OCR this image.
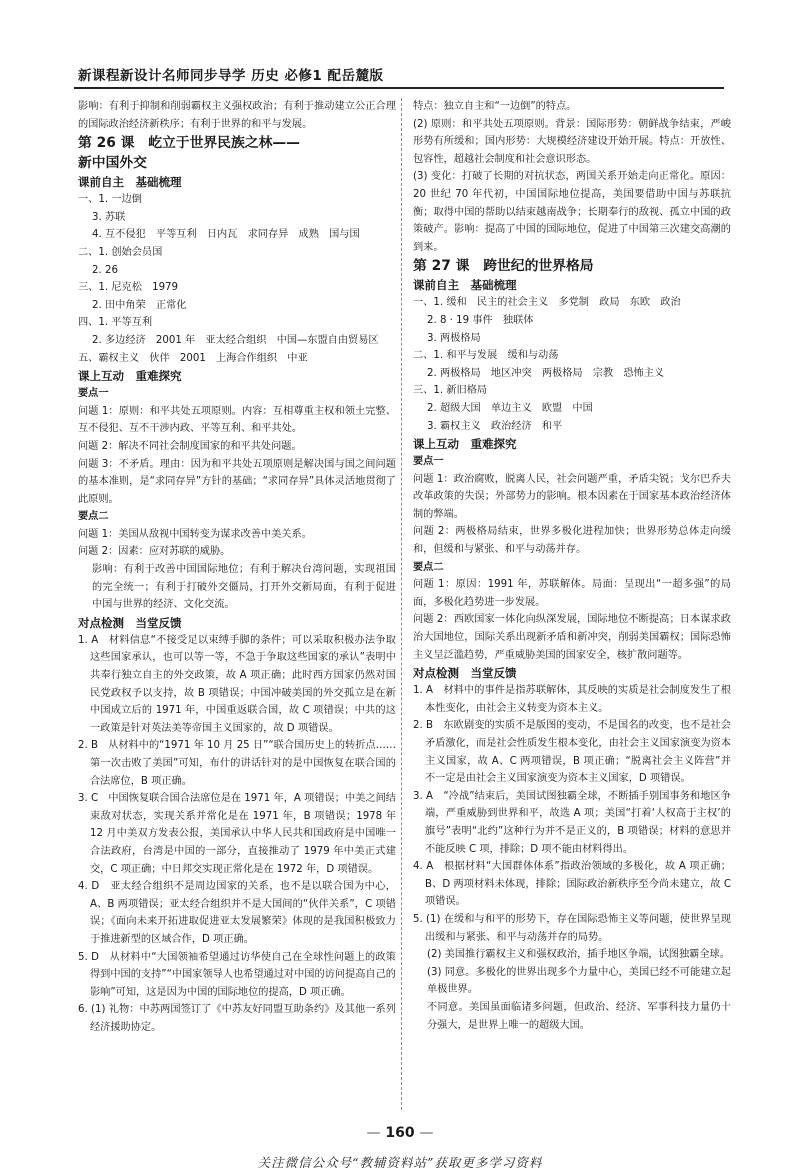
新课程新设计名师同步导学 历史 必修1 配岳麓版

影响：有利于抑制和削弱霸权主义强权政治；有利于推动建立公正合理的国际政治经济新秩序；有利于世界的和平与发展。

第 26 课　屹立于世界民族之林——

新中国外交

课前自主　基础梳理

一、1. 一边倒

3. 苏联

4. 互不侵犯　平等互利　日内瓦　求同存异　成熟　国与国

二、1. 创始会员国

2. 26

三、1. 尼克松　1979

2. 田中角荣　正常化

四、1. 平等互利

2. 多边经济　2001 年　亚太经合组织　中国—东盟自由贸易区

五、霸权主义　伙伴　2001　上海合作组织　中亚

课上互动　重难探究

要点一

问题 1：原则：和平共处五项原则。内容：互相尊重主权和领土完整、互不侵犯、互不干涉内政、平等互利、和平共处。

问题 2：解决不同社会制度国家的和平共处问题。

问题 3：不矛盾。理由：因为和平共处五项原则是解决国与国之间问题的基本准则，是“求同存异”方针的基础；“求同存异”具体灵活地贯彻了此原则。

要点二

问题 1：美国从敌视中国转变为谋求改善中美关系。

问题 2：因素：应对苏联的威胁。

影响：有利于改善中国国际地位；有利于解决台湾问题，实现祖国的完全统一；有利于打破外交僵局，打开外交新局面，有利于促进中国与世界的经济、文化交流。

对点检测　当堂反馈

1. A　材料信息“不接受足以束缚手脚的条件；可以采取积极办法争取这些国家承认，也可以等一等，不急于争取这些国家的承认”表明中共奉行独立自主的外交政策，故 A 项正确；此时西方国家仍然对国民党政权予以支持，故 B 项错误；中国冲破美国的外交孤立是在新中国成立后的 1971 年，中国重返联合国，故 C 项错误；中共的这一政策是针对英法美等帝国主义国家的，故 D 项错误。

2. B　从材料中的“1971 年 10 月 25 日”“联合国历史上的转折点……第一次击败了美国”可知，布什的讲话针对的是中国恢复在联合国的合法席位，B 项正确。

3. C　中国恢复联合国合法席位是在 1971 年，A 项错误；中美之间结束敌对状态，实现关系并常化是在 1971 年，B 项错误；1978 年 12 月中美双方发表公报，美国承认中华人民共和国政府是中国唯一合法政府，台湾是中国的一部分，直接推动了 1979 年中美正式建交，C 项正确；中日邦交实现正常化是在 1972 年，D 项错误。

4. D　亚太经合组织不是周边国家的关系，也不是以联合国为中心，A、B 两项错误；亚太经合组织并不是大国间的“伙伴关系”，C 项错误；《面向未来开拓进取促进亚太发展繁荣》体现的是我国积极致力于推进新型的区域合作，D 项正确。

5. D　从材料中“大国领袖希望通过访华使自己在全球性问题上的政策得到中国的支持”“中国家领导人也希望通过对中国的访问提高自己的影响”可知，这是因为中国的国际地位的提高，D 项正确。

6. (1) 礼物：中苏两国签订了《中苏友好同盟互助条约》及其他一系列经济援助协定。

特点：独立自主和“一边倒”的特点。

(2) 原则：和平共处五项原则。背景：国际形势：朝鲜战争结束，严峻形势有所缓和；国内形势：大规模经济建设开始开展。特点：开放性、包容性，超越社会制度和社会意识形态。

(3) 变化：打破了长期的对抗状态，两国关系开始走向正常化。原因：20 世纪 70 年代初，中国国际地位提高，美国要借助中国与苏联抗衡；取得中国的帮助以结束越南战争；长期奉行的敌视、孤立中国的政策破产。影响：提高了中国的国际地位，促进了中国第三次建交高潮的到来。

第 27 课　跨世纪的世界格局

课前自主　基础梳理

一、1. 缓和　民主的社会主义　多党制　政局　东欧　政治

2. 8 · 19 事件　独联体

3. 两极格局

二、1. 和平与发展　缓和与动荡

2. 两极格局　地区冲突　两极格局　宗教　恐怖主义

三、1. 新旧格局

2. 超级大国　单边主义　欧盟　中国

3. 霸权主义　政治经济　和平

课上互动　重难探究

要点一

问题 1：政治腐败，脱离人民，社会问题严重，矛盾尖锐；戈尔巴乔夫改革政策的失误；外部势力的影响。根本因素在于国家基本政治经济体制的弊端。

问题 2：两极格局结束，世界多极化进程加快；世界形势总体走向缓和，但缓和与紧张、和平与动荡并存。

要点二

问题 1：原因：1991 年，苏联解体。局面：呈现出“一超多强”的局面，多极化趋势进一步发展。

问题 2：西欧国家一体化向纵深发展，国际地位不断提高；日本谋求政治大国地位，国际关系出现新矛盾和新冲突，削弱美国霸权；国际恐怖主义呈泛滥趋势，严重威胁美国的国家安全，核扩散问题等。

对点检测　当堂反馈

1. A　材料中的事件是指苏联解体，其反映的实质是社会制度发生了根本性变化，由社会主义转变为资本主义。

2. B　东欧剧变的实质不是版图的变动，不是国名的改变，也不是社会矛盾激化，而是社会性质发生根本变化，由社会主义国家演变为资本主义国家，故 A、C 两项错误，B 项正确；“脱离社会主义阵营”并不一定是由社会主义国家演变为资本主义国家，D 项错误。

3. A　“冷战”结束后，美国试图独霸全球，不断插手别国事务和地区争端，严重威胁到世界和平，故选 A 项；美国“打着‘人权高于主权’的旗号”表明“北约”这种行为并不是正义的，B 项错误；材料的意思并不能反映 C 项，排除；D 项不能由材料得出。

4. A　根据材料“大国群体体系”指政治领域的多极化，故 A 项正确；B、D 两项材料未体现，排除；国际政治新秩序至今尚未建立，故 C 项错误。

5. (1) 在缓和与和平的形势下，存在国际恐怖主义等问题，使世界呈现出缓和与紧张、和平与动荡并存的局势。

(2) 美国推行霸权主义和强权政治，插手地区争端，试图独霸全球。

(3) 同意。多极化的世界出现多个力量中心，美国已经不可能建立起单极世界。

不同意。美国虽面临诸多问题，但政治、经济、军事科技力量仍十分强大，是世界上唯一的超级大国。

— 160 —
关注微信公众号“教辅资料站”获取更多学习资料
